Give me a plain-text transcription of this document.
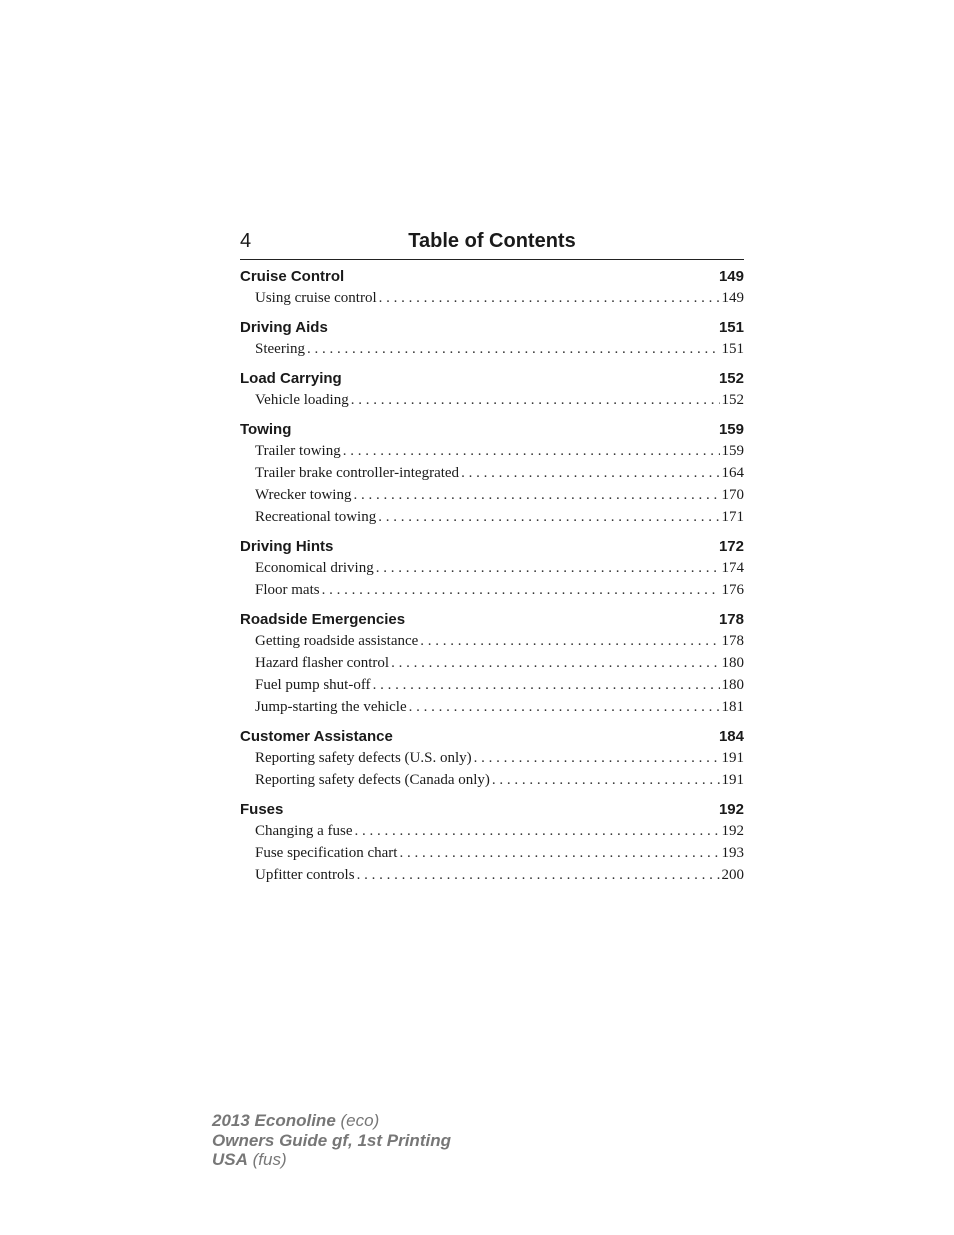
4	Table of Contents
Cruise Control	149
Using cruise control . . .	149
Driving Aids	151
Steering . . .	151
Load Carrying	152
Vehicle loading . . .	152
Towing	159
Trailer towing . . .	159
Trailer brake controller-integrated . . .	164
Wrecker towing . . .	170
Recreational towing . . .	171
Driving Hints	172
Economical driving . . .	174
Floor mats . . .	176
Roadside Emergencies	178
Getting roadside assistance . . .	178
Hazard flasher control . . .	180
Fuel pump shut-off . . .	180
Jump-starting the vehicle . . .	181
Customer Assistance	184
Reporting safety defects (U.S. only) . . .	191
Reporting safety defects (Canada only) . . .	191
Fuses	192
Changing a fuse . . .	192
Fuse specification chart . . .	193
Upfitter controls . . .	200
2013 Econoline (eco)
Owners Guide gf, 1st Printing
USA (fus)
